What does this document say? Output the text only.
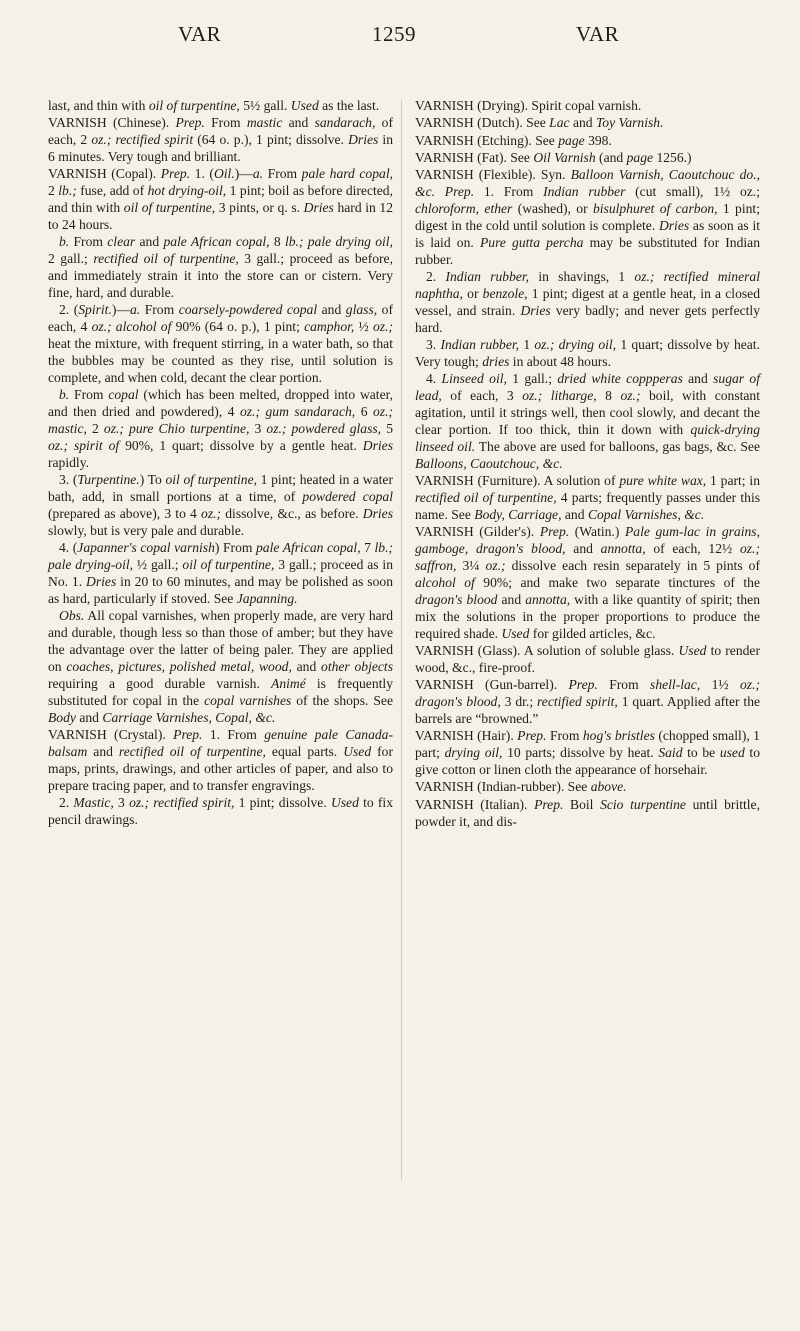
VAR	1259	VAR

last, and thin with oil of turpentine, 5½ gall. Used as the last.

VARNISH (Chinese). Prep. From mastic and sandarach, of each, 2 oz.; rectified spirit (64 o. p.), 1 pint; dissolve. Dries in 6 minutes. Very tough and brilliant.

VARNISH (Copal). Prep. 1. (Oil.)—a. From pale hard copal, 2 lb.; fuse, add of hot drying-oil, 1 pint; boil as before directed, and thin with oil of turpentine, 3 pints, or q. s. Dries hard in 12 to 24 hours.

b. From clear and pale African copal, 8 lb.; pale drying oil, 2 gall.; rectified oil of turpentine, 3 gall.; proceed as before, and immediately strain it into the store can or cistern. Very fine, hard, and durable.

2. (Spirit.)—a. From coarsely-powdered copal and glass, of each, 4 oz.; alcohol of 90% (64 o. p.), 1 pint; camphor, ½ oz.; heat the mixture, with frequent stirring, in a water bath, so that the bubbles may be counted as they rise, until solution is complete, and when cold, decant the clear portion.

b. From copal (which has been melted, dropped into water, and then dried and powdered), 4 oz.; gum sandarach, 6 oz.; mastic, 2 oz.; pure Chio turpentine, 3 oz.; powdered glass, 5 oz.; spirit of 90%, 1 quart; dissolve by a gentle heat. Dries rapidly.

3. (Turpentine.) To oil of turpentine, 1 pint; heated in a water bath, add, in small portions at a time, of powdered copal (prepared as above), 3 to 4 oz.; dissolve, &c., as before. Dries slowly, but is very pale and durable.

4. (Japanner's copal varnish) From pale African copal, 7 lb.; pale drying-oil, ½ gall.; oil of turpentine, 3 gall.; proceed as in No. 1. Dries in 20 to 60 minutes, and may be polished as soon as hard, particularly if stoved. See Japanning.

Obs. All copal varnishes, when properly made, are very hard and durable, though less so than those of amber; but they have the advantage over the latter of being paler. They are applied on coaches, pictures, polished metal, wood, and other objects requiring a good durable varnish. Animé is frequently substituted for copal in the copal varnishes of the shops. See Body and Carriage Varnishes, Copal, &c.

VARNISH (Crystal). Prep. 1. From genuine pale Canada-balsam and rectified oil of turpentine, equal parts. Used for maps, prints, drawings, and other articles of paper, and also to prepare tracing paper, and to transfer engravings.

2. Mastic, 3 oz.; rectified spirit, 1 pint; dissolve. Used to fix pencil drawings.

VARNISH (Drying). Spirit copal varnish.

VARNISH (Dutch). See Lac and Toy Varnish.

VARNISH (Etching). See page 398.

VARNISH (Fat). See Oil Varnish (and page 1256.)

VARNISH (Flexible). Syn. Balloon Varnish, Caoutchouc do., &c. Prep. 1. From Indian rubber (cut small), 1½ oz.; chloroform, ether (washed), or bisulphuret of carbon, 1 pint; digest in the cold until solution is complete. Dries as soon as it is laid on. Pure gutta percha may be substituted for Indian rubber.

2. Indian rubber, in shavings, 1 oz.; rectified mineral naphtha, or benzole, 1 pint; digest at a gentle heat, in a closed vessel, and strain. Dries very badly; and never gets perfectly hard.

3. Indian rubber, 1 oz.; drying oil, 1 quart; dissolve by heat. Very tough; dries in about 48 hours.

4. Linseed oil, 1 gall.; dried white coppperas and sugar of lead, of each, 3 oz.; litharge, 8 oz.; boil, with constant agitation, until it strings well, then cool slowly, and decant the clear portion. If too thick, thin it down with quick-drying linseed oil. The above are used for balloons, gas bags, &c. See Balloons, Caoutchouc, &c.

VARNISH (Furniture). A solution of pure white wax, 1 part; in rectified oil of turpentine, 4 parts; frequently passes under this name. See Body, Carriage, and Copal Varnishes, &c.

VARNISH (Gilder's). Prep. (Watin.) Pale gum-lac in grains, gamboge, dragon's blood, and annotta, of each, 12½ oz.; saffron, 3¼ oz.; dissolve each resin separately in 5 pints of alcohol of 90%; and make two separate tinctures of the dragon's blood and annotta, with a like quantity of spirit; then mix the solutions in the proper proportions to produce the required shade. Used for gilded articles, &c.

VARNISH (Glass). A solution of soluble glass. Used to render wood, &c., fire-proof.

VARNISH (Gun-barrel). Prep. From shell-lac, 1½ oz.; dragon's blood, 3 dr.; rectified spirit, 1 quart. Applied after the barrels are “browned.”

VARNISH (Hair). Prep. From hog's bristles (chopped small), 1 part; drying oil, 10 parts; dissolve by heat. Said to be used to give cotton or linen cloth the appearance of horsehair.

VARNISH (Indian-rubber). See above.

VARNISH (Italian). Prep. Boil Scio turpentine until brittle, powder it, and dis-
